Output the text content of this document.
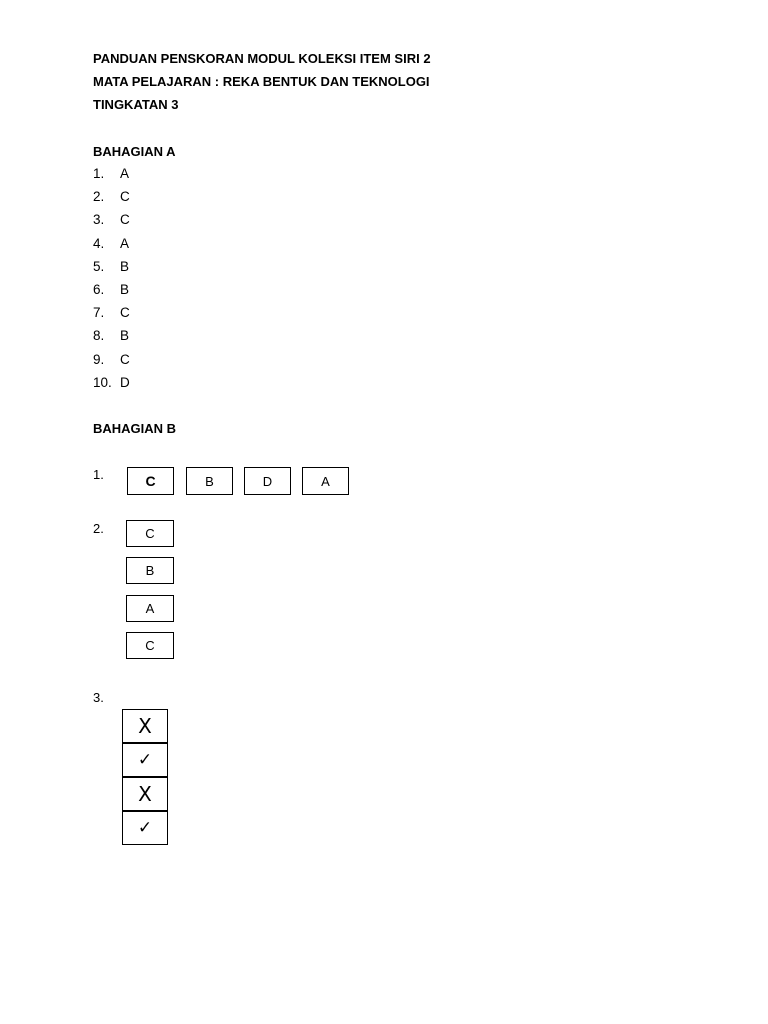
PANDUAN PENSKORAN MODUL KOLEKSI ITEM SIRI 2
MATA PELAJARAN : REKA BENTUK DAN TEKNOLOGI
TINGKATAN 3
BAHAGIAN A
1.	A
2.	C
3.	C
4.	A
5.	B
6.	B
7.	C
8.	B
9.	C
10. D
BAHAGIAN B
1.	C	B	D	A
2.	C
B
A
C
3.
X
✓
X
✓
